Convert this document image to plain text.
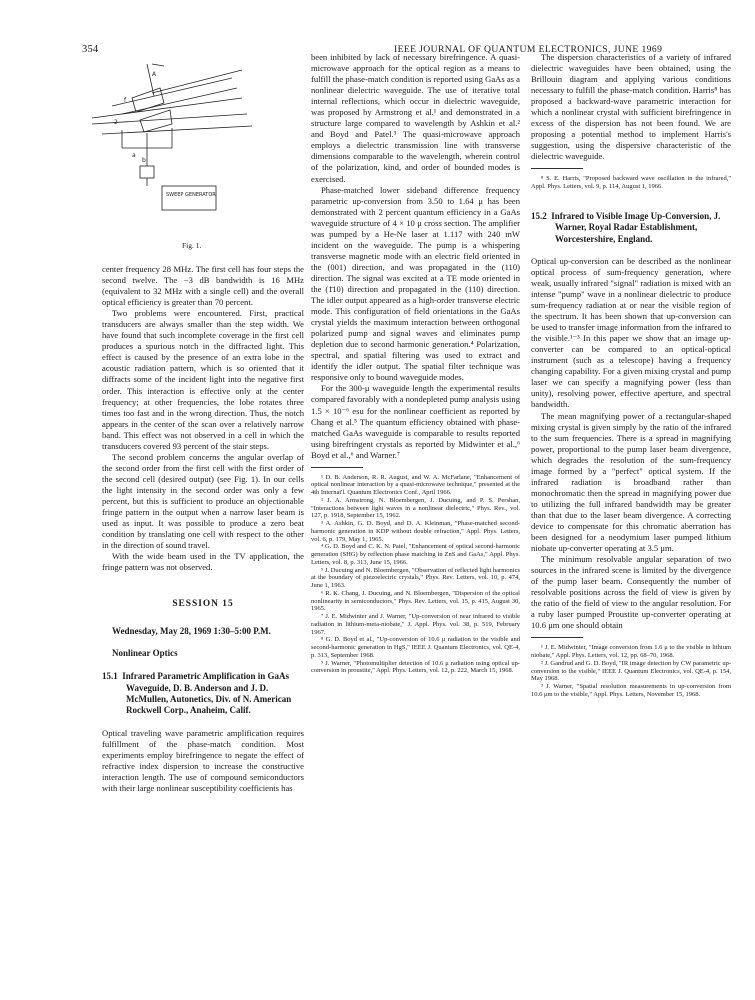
354	IEEE JOURNAL OF QUANTUM ELECTRONICS, JUNE 1969
A
2
f
a
b
SWEEP GENERATOR
Fig. 1.

center frequency 28 MHz. The first cell has four steps the second twelve. The −3 dB bandwidth is 16 MHz (equivalent to 32 MHz with a single cell) and the overall optical efficiency is greater than 70 percent.

Two problems were encountered. First, practical transducers are always smaller than the step width. We have found that such incomplete coverage in the first cell produces a spurious notch in the diffracted light. This effect is caused by the presence of an extra lobe in the acoustic radiation pattern, which is so oriented that it diffracts some of the incident light into the negative first order. This interaction is effective only at the center frequency; at other frequencies, the lobe rotates three times too fast and in the wrong direction. Thus, the notch appears in the center of the scan over a relatively narrow band. This effect was not observed in a cell in which the transducers covered 93 percent of the stair steps.

The second problem concerns the angular overlap of the second order from the first cell with the first order of the second cell (desired output) (see Fig. 1). In our cells the light intensity in the second order was only a few percent, but this is sufficient to produce an objectionable fringe pattern in the output when a narrow laser beam is used as input. It was possible to produce a zero beat condition by translating one cell with respect to the other in the direction of sound travel.

With the wide beam used in the TV application, the fringe pattern was not observed.

SESSION 15

Wednesday, May 28, 1969 1:30–5:00 P.M.

Nonlinear Optics

15.1 Infrared Parametric Amplification in GaAs Waveguide, D. B. Anderson and J. D. McMullen, Autonetics, Div. of N. American Rockwell Corp., Anaheim, Calif.

Optical traveling wave parametric amplification requires fulfillment of the phase-match condition. Most experiments employ birefringence to negate the effect of refractive index dispersion to increase the constructive interaction length. The use of compound semiconductors with their large nonlinear susceptibility coefficients has

been inhibited by lack of necessary birefringence. A quasi-microwave approach for the optical region as a means to fulfill the phase-match condition is reported using GaAs as a nonlinear dielectric waveguide. The use of iterative total internal reflections, which occur in dielectric waveguide, was proposed by Armstrong et al.¹ and demonstrated in a structure large compared to wavelength by Ashkin et al.² and Boyd and Patel.³ The quasi-microwave approach employs a dielectric transmission line with transverse dimensions comparable to the wavelength, wherein control of the polarization, kind, and order of bounded modes is exercised.

Phase-matched lower sideband difference frequency parametric up-conversion from 3.50 to 1.64 μ has been demonstrated with 2 percent quantum efficiency in a GaAs waveguide structure of 4 × 10 μ cross section. The amplifier was pumped by a He-Ne laser at 1.117 with 240 mW incident on the waveguide. The pump is a whispering transverse magnetic mode with an electric field oriented in the (001) direction, and was propagated in the (110) direction. The signal was excited at a TE mode oriented in the (1̄10) direction and propagated in the (110) direction. The idler output appeared as a high-order transverse electric mode. This configuration of field orientations in the GaAs crystal yields the maximum interaction between orthogonal polarized pump and signal waves and eliminates pump depletion due to second harmonic generation.⁴ Polarization, spectral, and spatial filtering was used to extract and identify the idler output. The spatial filter technique was responsive only to bound waveguide modes.

For the 300-μ waveguide length the experimental results compared favorably with a nondepleted pump analysis using 1.5 × 10⁻⁶ esu for the nonlinear coefficient as reported by Chang et al.⁵ The quantum efficiency obtained with phase-matched GaAs waveguide is comparable to results reported using birefringent crystals as reported by Midwinter et al.,⁶ Boyd et al.,⁶ and Warner.⁷

¹ D. B. Anderson, R. R. August, and W. A. McFarlane, "Enhancement of optical nonlinear interaction by a quasi-microwave technique," presented at the 4th Internat'l. Quantum Electronics Conf., April 1966.
² J. A. Armstrong, N. Bloembergen, J. Ducuing, and P. S. Pershan, "Interactions between light waves in a nonlinear dielectric," Phys. Rev., vol. 127, p. 1918, September 15, 1962.
³ A. Ashkin, G. D. Boyd, and D. A. Kleinman, "Phase-matched second-harmonic generation in KDP without double refraction," Appl. Phys. Letters, vol. 6, p. 179, May 1, 1965.
⁴ G. D. Boyd and C. K. N. Patel, "Enhancement of optical second-harmonic generation (SHG) by reflection phase matching in ZnS and GaAs," Appl. Phys. Letters, vol. 8, p. 313, June 15, 1966.
⁵ J. Ducuing and N. Bloembergen, "Observation of reflected light harmonics at the boundary of piezoelectric crystals," Phys. Rev. Letters, vol. 10, p. 474, June 1, 1963.
⁶ R. K. Chang, J. Ducuing, and N. Bloembergen, "Dispersion of the optical nonlinearity in semiconductors," Phys. Rev. Letters, vol. 15, p. 415, August 30, 1965.
⁷ J. E. Midwinter and J. Warner, "Up-conversion of near infrared to visible radiation in lithium-meta-niobate," J. Appl. Phys. vol. 38, p. 519, February 1967.
⁸ G. D. Boyd et al., "Up-conversion of 10.6 μ radiation to the visible and second-harmonic generation in HgS," IEEE J. Quantum Electronics, vol. QE-4, p. 313, September 1968.
⁹ J. Warner, "Photomultiplier detection of 10.6 μ radiation using optical up-conversion in proustite," Appl. Phys. Letters, vol. 12, p. 222, March 15, 1968.

The dispersion characteristics of a variety of infrared dielectric waveguides have been obtained, using the Brillouin diagram and applying various conditions necessary to fulfill the phase-match condition. Harris⁸ has proposed a backward-wave parametric interaction for which a nonlinear crystal with sufficient birefringence in excess of the dispersion has not been found. We are proposing a potential method to implement Harris's suggestion, using the dispersive characteristic of the dielectric waveguide.

⁸ S. E. Harris, "Proposed backward wave oscillation in the infrared," Appl. Phys. Letters, vol. 9, p. 114, August 1, 1966.
15.2 Infrared to Visible Image Up-Conversion, J. Warner, Royal Radar Establishment, Worcestershire, England.

Optical up-conversion can be described as the nonlinear optical process of sum-frequency generation, where weak, usually infrared "signal" radiation is mixed with an intense "pump" wave in a nonlinear dielectric to produce sum-frequency radiation at or near the visible region of the spectrum. It has been shown that up-conversion can be used to transfer image information from the infrared to the visible.¹⁻³ In this paper we show that an image up-converter can be compared to an optical-optical instrument (such as a telescope) having a frequency changing capability. For a given mixing crystal and pump laser we can specify a magnifying power (less than unity), resolving power, effective aperture, and spectral bandwidth.

The mean magnifying power of a rectangular-shaped mixing crystal is given simply by the ratio of the infrared to the sum frequencies. There is a spread in magnifying power, proportional to the pump laser beam divergence, which degrades the resolution of the sum-frequency image formed by a "perfect" optical system. If the infrared radiation is broadband rather than monochromatic then the spread in magnifying power due to utilizing the full infrared bandwidth may be greater than that due to the laser beam divergence. A correcting device to compensate for this chromatic aberration has been designed for a neodymium laser pumped lithium niobate up-converter operating at 3.5 μm.

The minimum resolvable angular separation of two sources in the infrared scene is limited by the divergence of the pump laser beam. Consequently the number of resolvable positions across the field of view is given by the ratio of the field of view to the angular resolution. For a ruby laser pumped Proustite up-converter operating at 10.6 μm one should obtain

¹ J. E. Midwinter, "Image conversion from 1.6 μ to the visible in lithium niobate," Appl. Phys. Letters, vol. 12, pp. 68–70, 1968.
² J. Gandrud and G. D. Boyd, "IR image detection by CW parametric up-conversion to the visible," IEEE J. Quantum Electronics, vol. QE-4, p. 154, May 1968.
³ J. Warner, "Spatial resolution measurements in up-conversion from 10.6 μm to the visible," Appl. Phys. Letters, November 15, 1968.
